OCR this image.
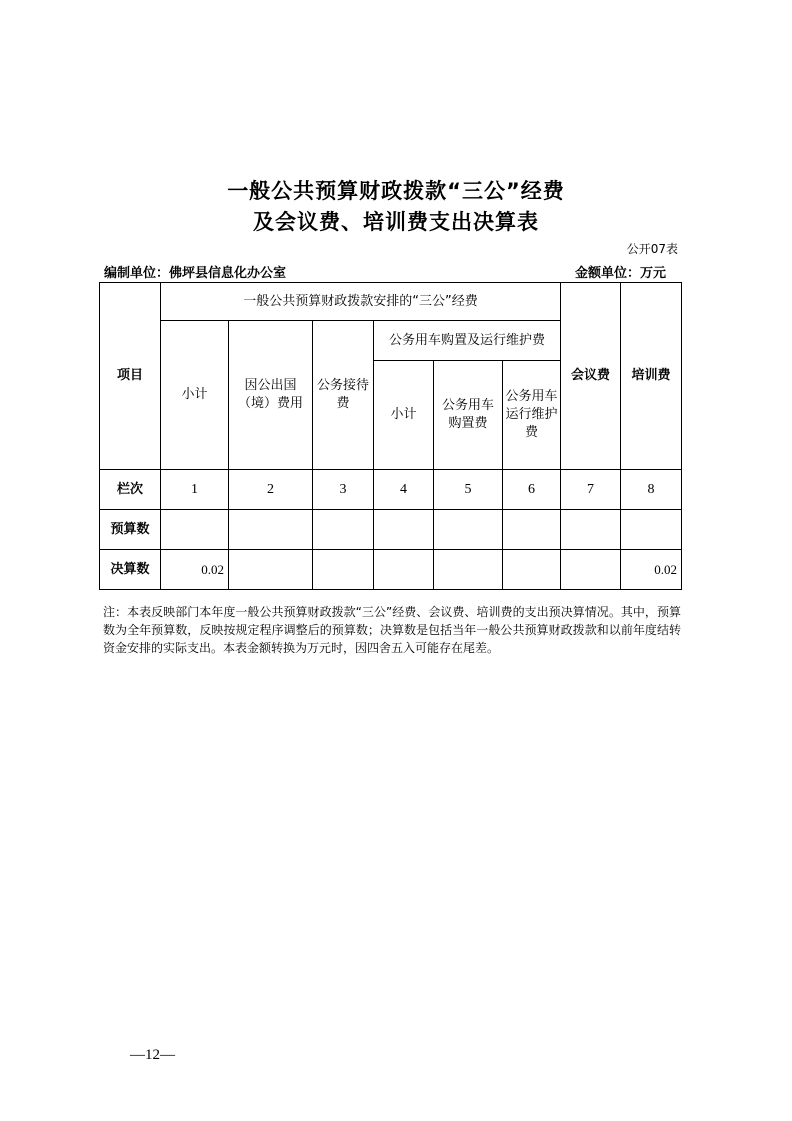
一般公共预算财政拨款“三公”经费
及会议费、培训费支出决算表
公开07表
编制单位：佛坪县信息化办公室	金额单位：万元
项目	一般公共预算财政拨款安排的“三公”经费						会议费	培训费
	小计	因公出国（境）费用	公务接待费	公务用车购置及运行维护费				
				小计	公务用车购置费	公务用车运行维护费		
栏次	1	2	3	4	5	6	7	8
预算数								
决算数	0.02							0.02
注：本表反映部门本年度一般公共预算财政拨款“三公”经费、会议费、培训费的支出预决算情况。其中，预算数为全年预算数，反映按规定程序调整后的预算数；决算数是包括当年一般公共预算财政拨款和以前年度结转资金安排的实际支出。本表金额转换为万元时，因四舍五入可能存在尾差。
—12—
